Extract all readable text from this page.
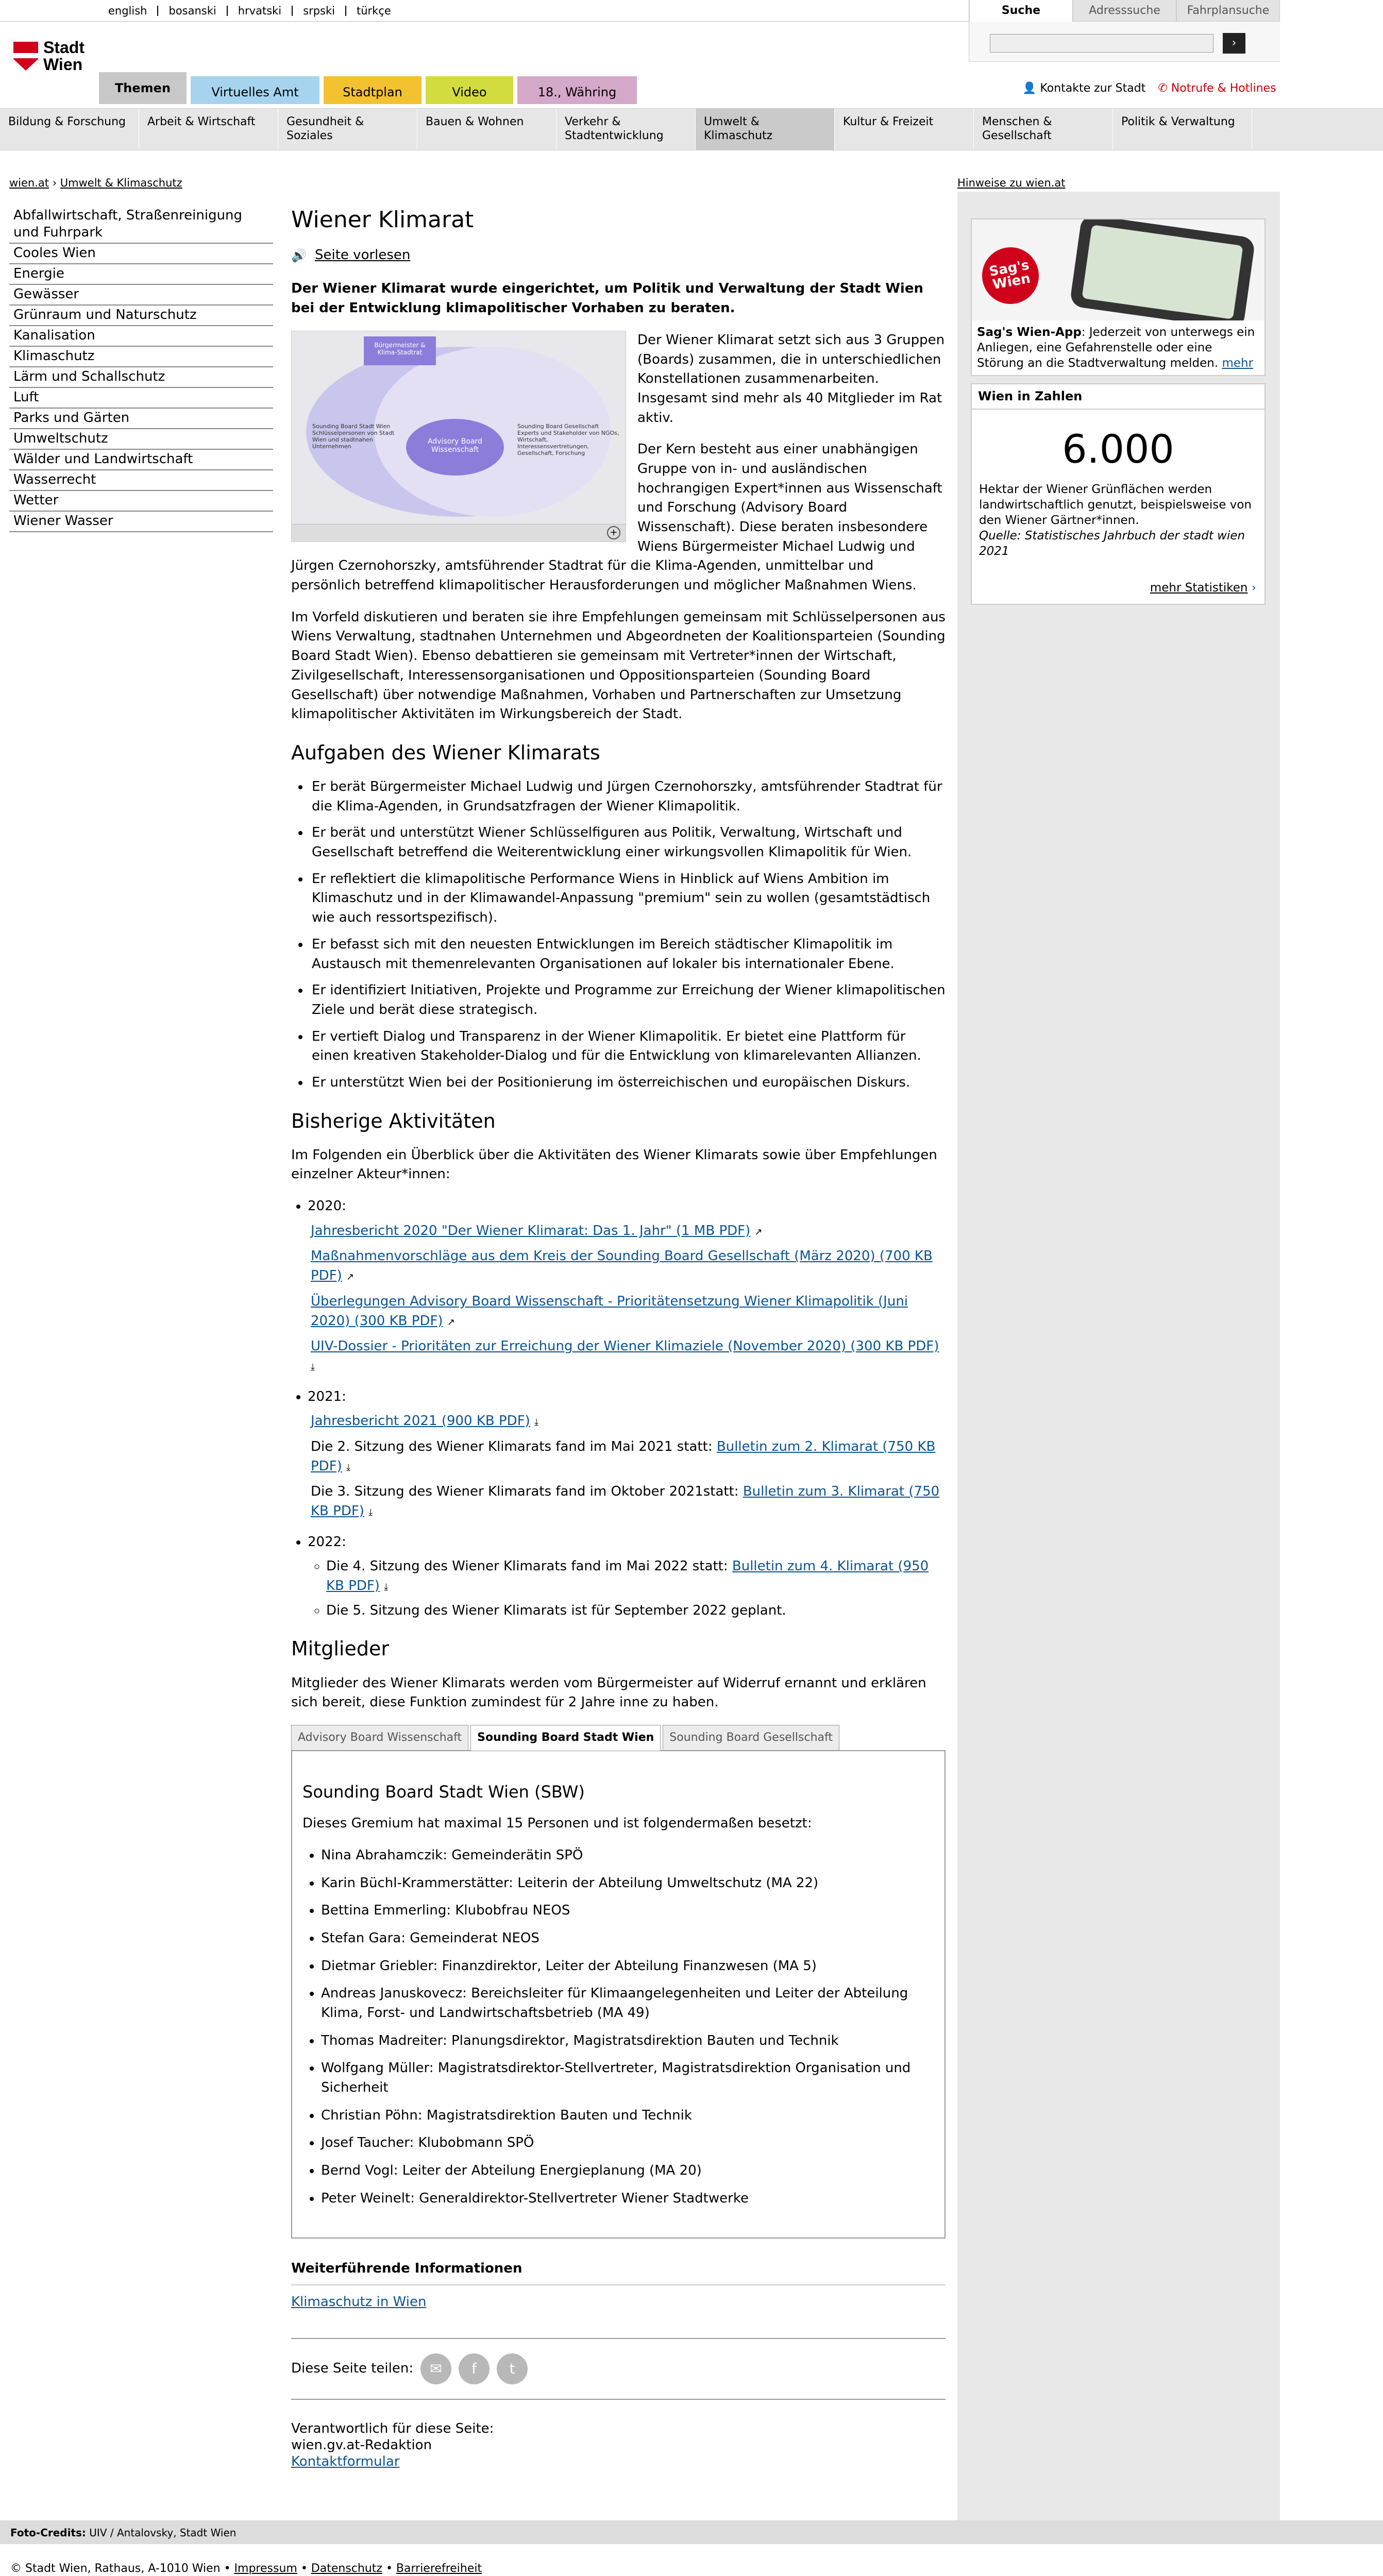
english	bosanski	hrvatski	srpski	türkçe	Suche	Adresssuche	Fahrplansuche
›
Stadt
Wien
Themen	Virtuelles Amt	Stadtplan	Video	18., Währing	👤 Kontakte zur Stadt ✆ Notrufe & Hotlines
Bildung & Forschung	Arbeit & Wirtschaft	Gesundheit & Soziales
Bauen & Wohnen	Verkehr & Stadtentwicklung
Umwelt & Klimaschutz
Kultur & Freizeit	Menschen & Gesellschaft
Politik & Verwaltung
wien.at › Umwelt & Klimaschutz	Hinweise zu wien.at
Abfallwirtschaft, Straßenreinigung und Fuhrpark
Cooles Wien
Energie
Gewässer
Grünraum und Naturschutz
Kanalisation
Klimaschutz
Lärm und Schallschutz
Luft
Parks und Gärten
Umweltschutz
Wälder und Landwirtschaft
Wasserrecht
Wetter
Wiener Wasser
Wiener Klimarat
🔊 Seite vorlesen

Der Wiener Klimarat wurde eingerichtet, um Politik und Verwaltung der Stadt Wien bei der Entwicklung klimapolitischer Vorhaben zu beraten.

Bürgermeister & Klima-Stadtrat
Advisory Board Wissenschaft
Sounding Board Stadt Wien Schlüsselpersonen von Stadt Wien und stadtnahen Unternehmen
Sounding Board Gesellschaft Experts und Stakeholder von NGOs, Wirtschaft, Interessensvertretungen, Gesellschaft, Forschung
+

Der Wiener Klimarat setzt sich aus 3 Gruppen (Boards) zusammen, die in unterschiedlichen Konstellationen zusammenarbeiten. Insgesamt sind mehr als 40 Mitglieder im Rat aktiv.

Der Kern besteht aus einer unabhängigen Gruppe von in- und ausländischen hochrangigen Expert*innen aus Wissenschaft und Forschung (Advisory Board Wissenschaft). Diese beraten insbesondere Wiens Bürgermeister Michael Ludwig und Jürgen Czernohorszky, amtsführender Stadtrat für die Klima-Agenden, unmittelbar und persönlich betreffend klimapolitischer Herausforderungen und möglicher Maßnahmen Wiens.

Im Vorfeld diskutieren und beraten sie ihre Empfehlungen gemeinsam mit Schlüsselpersonen aus Wiens Verwaltung, stadtnahen Unternehmen und Abgeordneten der Koalitionsparteien (Sounding Board Stadt Wien). Ebenso debattieren sie gemeinsam mit Vertreter*innen der Wirtschaft, Zivilgesellschaft, Interessensorganisationen und Oppositionsparteien (Sounding Board Gesellschaft) über notwendige Maßnahmen, Vorhaben und Partnerschaften zur Umsetzung klimapolitischer Aktivitäten im Wirkungsbereich der Stadt.

Aufgaben des Wiener Klimarats
• Er berät Bürgermeister Michael Ludwig und Jürgen Czernohorszky, amtsführender Stadtrat für die Klima-Agenden, in Grundsatzfragen der Wiener Klimapolitik.
• Er berät und unterstützt Wiener Schlüsselfiguren aus Politik, Verwaltung, Wirtschaft und Gesellschaft betreffend die Weiterentwicklung einer wirkungsvollen Klimapolitik für Wien.
• Er reflektiert die klimapolitische Performance Wiens in Hinblick auf Wiens Ambition im Klimaschutz und in der Klimawandel-Anpassung "premium" sein zu wollen (gesamtstädtisch wie auch ressortspezifisch).
• Er befasst sich mit den neuesten Entwicklungen im Bereich städtischer Klimapolitik im Austausch mit themenrelevanten Organisationen auf lokaler bis internationaler Ebene.
• Er identifiziert Initiativen, Projekte und Programme zur Erreichung der Wiener klimapolitischen Ziele und berät diese strategisch.
• Er vertieft Dialog und Transparenz in der Wiener Klimapolitik. Er bietet eine Plattform für einen kreativen Stakeholder-Dialog und für die Entwicklung von klimarelevanten Allianzen.
• Er unterstützt Wien bei der Positionierung im österreichischen und europäischen Diskurs.
Bisherige Aktivitäten

Im Folgenden ein Überblick über die Aktivitäten des Wiener Klimarats sowie über Empfehlungen einzelner Akteur*innen:

• 2020:
Jahresbericht 2020 "Der Wiener Klimarat: Das 1. Jahr" (1 MB PDF) ↗
Maßnahmenvorschläge aus dem Kreis der Sounding Board Gesellschaft (März 2020) (700 KB PDF) ↗
Überlegungen Advisory Board Wissenschaft - Prioritätensetzung Wiener Klimapolitik (Juni 2020) (300 KB PDF) ↗
UIV-Dossier - Prioritäten zur Erreichung der Wiener Klimaziele (November 2020) (300 KB PDF) ⤓
• 2021:
Jahresbericht 2021 (900 KB PDF) ⤓
Die 2. Sitzung des Wiener Klimarats fand im Mai 2021 statt: Bulletin zum 2. Klimarat (750 KB PDF) ⤓
Die 3. Sitzung des Wiener Klimarats fand im Oktober 2021statt: Bulletin zum 3. Klimarat (750 KB PDF) ⤓
• 2022:
◦ Die 4. Sitzung des Wiener Klimarats fand im Mai 2022 statt: Bulletin zum 4. Klimarat (950 KB PDF) ⤓
◦ Die 5. Sitzung des Wiener Klimarats ist für September 2022 geplant.
Mitglieder

Mitglieder des Wiener Klimarats werden vom Bürgermeister auf Widerruf ernannt und erklären sich bereit, diese Funktion zumindest für 2 Jahre inne zu haben.

Advisory Board Wissenschaft	Sounding Board Stadt Wien	Sounding Board Gesellschaft
Sounding Board Stadt Wien (SBW)

Dieses Gremium hat maximal 15 Personen und ist folgendermaßen besetzt:

• Nina Abrahamczik: Gemeinderätin SPÖ
• Karin Büchl-Krammerstätter: Leiterin der Abteilung Umweltschutz (MA 22)
• Bettina Emmerling: Klubobfrau NEOS
• Stefan Gara: Gemeinderat NEOS
• Dietmar Griebler: Finanzdirektor, Leiter der Abteilung Finanzwesen (MA 5)
• Andreas Januskovecz: Bereichsleiter für Klimaangelegenheiten und Leiter der Abteilung Klima, Forst- und Landwirtschaftsbetrieb (MA 49)
• Thomas Madreiter: Planungsdirektor, Magistratsdirektion Bauten und Technik
• Wolfgang Müller: Magistratsdirektor-Stellvertreter, Magistratsdirektion Organisation und Sicherheit
• Christian Pöhn: Magistratsdirektion Bauten und Technik
• Josef Taucher: Klubobmann SPÖ
• Bernd Vogl: Leiter der Abteilung Energieplanung (MA 20)
• Peter Weinelt: Generaldirektor-Stellvertreter Wiener Stadtwerke
Weiterführende Informationen
Klimaschutz in Wien
Diese Seite teilen:	✉	f	t
Verantwortlich für diese Seite:
wien.gv.at-Redaktion
Kontaktformular
Sag's Wien
Sag's Wien-App: Jederzeit von unterwegs ein Anliegen, eine Gefahrenstelle oder eine Störung an die Stadtverwaltung melden. mehr
Wien in Zahlen
6.000
Hektar der Wiener Grünflächen werden landwirtschaftlich genutzt, beispielsweise von den Wiener Gärtner*innen.
Quelle: Statistisches Jahrbuch der stadt wien 2021
mehr Statistiken ›
Foto-Credits: UIV / Antalovsky, Stadt Wien
© Stadt Wien, Rathaus, A-1010 Wien • Impressum • Datenschutz • Barrierefreiheit
